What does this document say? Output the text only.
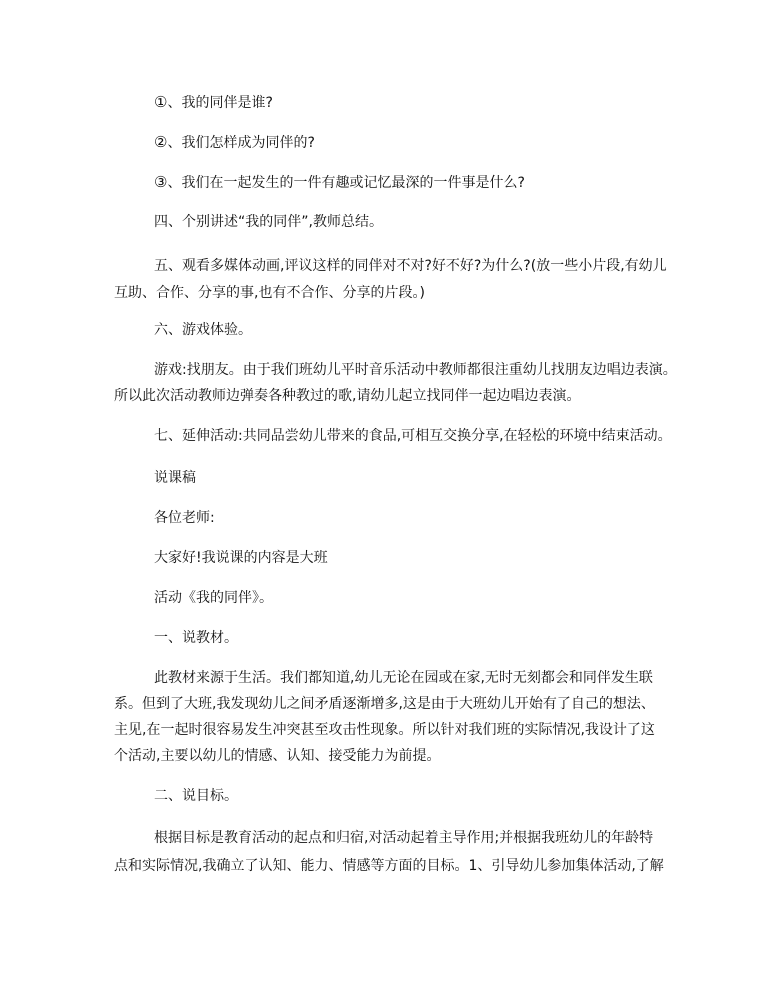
①、我的同伴是谁?

②、我们怎样成为同伴的?

③、我们在一起发生的一件有趣或记忆最深的一件事是什么?

四、个别讲述“我的同伴”,教师总结。

五、观看多媒体动画,评议这样的同伴对不对?好不好?为什么?(放一些小片段,有幼儿

互助、合作、分享的事,也有不合作、分享的片段。)

六、游戏体验。

游戏:找朋友。由于我们班幼儿平时音乐活动中教师都很注重幼儿找朋友边唱边表演。

所以此次活动教师边弹奏各种教过的歌,请幼儿起立找同伴一起边唱边表演。

七、延伸活动:共同品尝幼儿带来的食品,可相互交换分享,在轻松的环境中结束活动。

说课稿

各位老师:

大家好!我说课的内容是大班

活动《我的同伴》。

一、说教材。

此教材来源于生活。我们都知道,幼儿无论在园或在家,无时无刻都会和同伴发生联

系。但到了大班,我发现幼儿之间矛盾逐渐增多,这是由于大班幼儿开始有了自己的想法、

主见,在一起时很容易发生冲突甚至攻击性现象。所以针对我们班的实际情况,我设计了这

个活动,主要以幼儿的情感、认知、接受能力为前提。

二、说目标。

根据目标是教育活动的起点和归宿,对活动起着主导作用;并根据我班幼儿的年龄特

点和实际情况,我确立了认知、能力、情感等方面的目标。1、引导幼儿参加集体活动,了解
